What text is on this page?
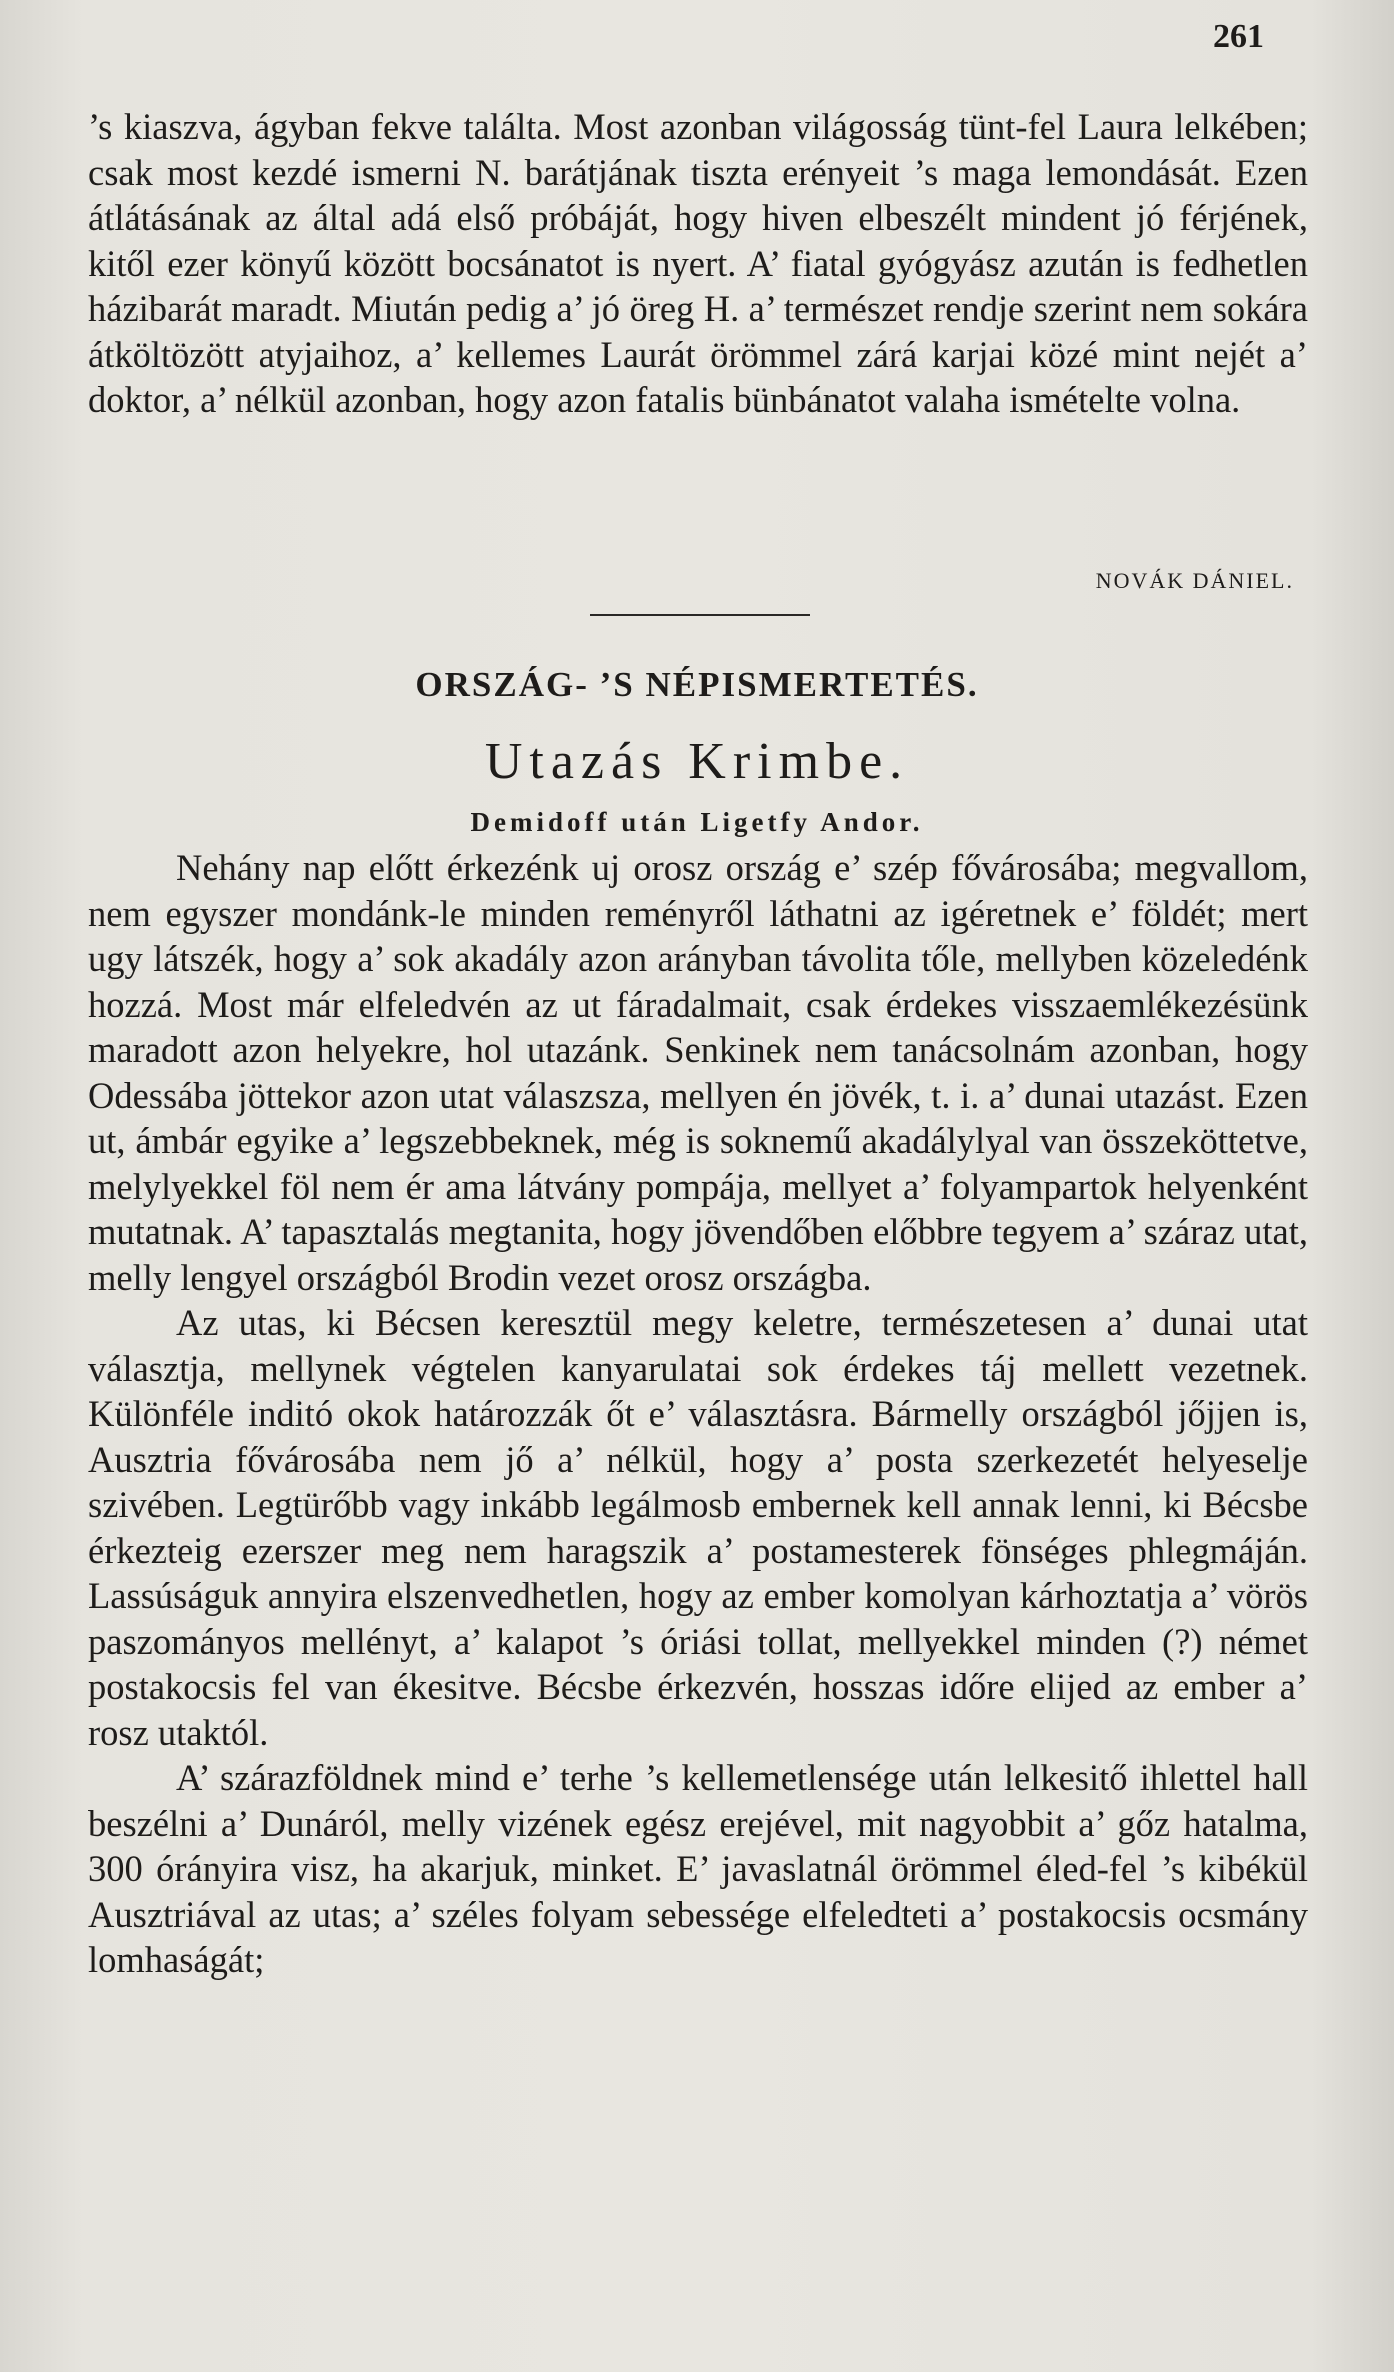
261

’s kiaszva, ágyban fekve találta. Most azonban világosság tünt-fel Laura lelkében; csak most kezdé ismerni N. barátjának tiszta erényeit ’s maga lemondását. Ezen átlátásának az által adá első próbáját, hogy hiven elbeszélt mindent jó férjének, kitől ezer könyű között bocsánatot is nyert. A’ fiatal gyógyász azután is fedhetlen házibarát maradt. Miután pedig a’ jó öreg H. a’ természet rendje szerint nem sokára átköltözött atyjaihoz, a’ kellemes Laurát örömmel zárá karjai közé mint nejét a’ doktor, a’ nélkül azonban, hogy azon fatalis bünbánatot valaha ismételte volna.

NOVÁK DÁNIEL.
ORSZÁG- ’S NÉPISMERTETÉS.
Utazás Krimbe.
Demidoff után Ligetfy Andor.

Nehány nap előtt érkezénk uj orosz ország e’ szép fővárosába; megvallom, nem egyszer mondánk-le minden reményről láthatni az igéretnek e’ földét; mert ugy látszék, hogy a’ sok akadály azon arányban távolita tőle, mellyben közeledénk hozzá. Most már elfeledvén az ut fáradalmait, csak érdekes visszaemlékezésünk maradott azon helyekre, hol utazánk. Senkinek nem tanácsolnám azonban, hogy Odessába jöttekor azon utat válaszsza, mellyen én jövék, t. i. a’ dunai utazást. Ezen ut, ámbár egyike a’ legszebbeknek, még is soknemű akadálylyal van összeköttetve, melylyekkel föl nem ér ama látvány pompája, mellyet a’ folyampartok helyenként mutatnak. A’ tapasztalás megtanita, hogy jövendőben előbbre tegyem a’ száraz utat, melly lengyel országból Brodin vezet orosz országba.

Az utas, ki Bécsen keresztül megy keletre, természetesen a’ dunai utat választja, mellynek végtelen kanyarulatai sok érdekes táj mellett vezetnek. Különféle inditó okok határozzák őt e’ választásra. Bármelly országból jőjjen is, Ausztria fővárosába nem jő a’ nélkül, hogy a’ posta szerkezetét helyeselje szivében. Legtürőbb vagy inkább legálmosb embernek kell annak lenni, ki Bécsbe érkezteig ezerszer meg nem haragszik a’ postamesterek fönséges phlegmáján. Lassúságuk annyira elszenvedhetlen, hogy az ember komolyan kárhoztatja a’ vörös paszományos mellényt, a’ kalapot ’s óriási tollat, mellyekkel minden (?) német postakocsis fel van ékesitve. Bécsbe érkezvén, hosszas időre elijed az ember a’ rosz utaktól.

A’ szárazföldnek mind e’ terhe ’s kellemetlensége után lelkesitő ihlettel hall beszélni a’ Dunáról, melly vizének egész erejével, mit nagyobbit a’ gőz hatalma, 300 órányira visz, ha akarjuk, minket. E’ javaslatnál örömmel éled-fel ’s kibékül Ausztriával az utas; a’ széles folyam sebessége elfeledteti a’ postakocsis ocsmány lomhaságát;
